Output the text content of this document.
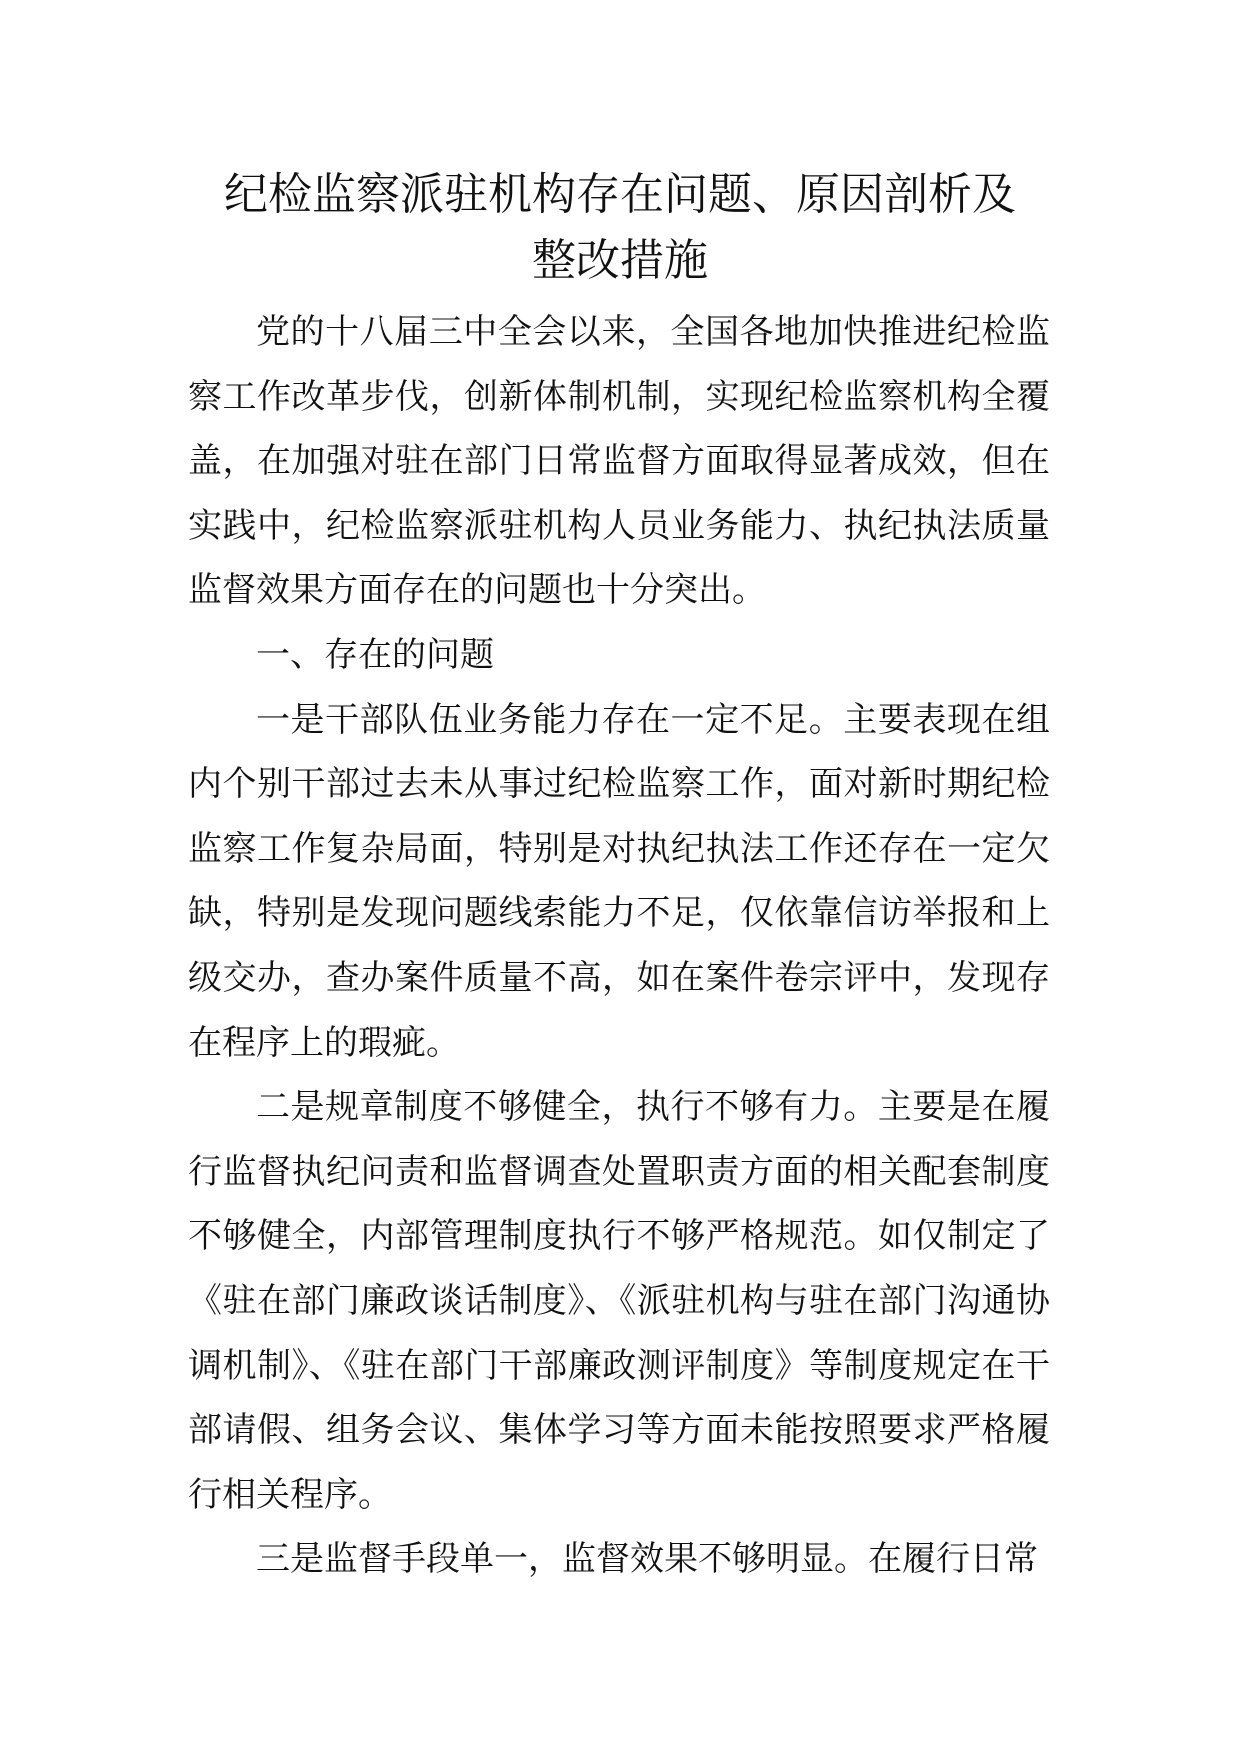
纪检监察派驻机构存在问题、原因剖析及
整改措施

党的十八届三中全会以来，全国各地加快推进纪检监察工作改革步伐，创新体制机制，实现纪检监察机构全覆盖，在加强对驻在部门日常监督方面取得显著成效，但在实践中，纪检监察派驻机构人员业务能力、执纪执法质量监督效果方面存在的问题也十分突出。

一、存在的问题

一是干部队伍业务能力存在一定不足。主要表现在组内个别干部过去未从事过纪检监察工作，面对新时期纪检监察工作复杂局面，特别是对执纪执法工作还存在一定欠缺，特别是发现问题线索能力不足，仅依靠信访举报和上级交办，查办案件质量不高，如在案件卷宗评中，发现存在程序上的瑕疵。

二是规章制度不够健全，执行不够有力。主要是在履行监督执纪问责和监督调查处置职责方面的相关配套制度不够健全，内部管理制度执行不够严格规范。如仅制定了《驻在部门廉政谈话制度》、《派驻机构与驻在部门沟通协调机制》、《驻在部门干部廉政测评制度》等制度规定在干部请假、组务会议、集体学习等方面未能按照要求严格履行相关程序。

三是监督手段单一，监督效果不够明显。在履行日常
